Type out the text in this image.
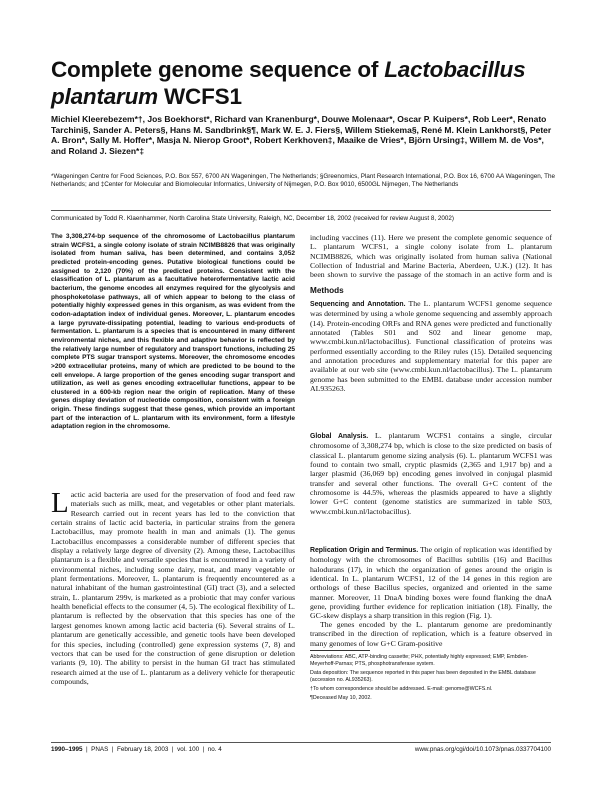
Complete genome sequence of Lactobacillus
plantarum WCFS1
Michiel Kleerebezem*†, Jos Boekhorst*, Richard van Kranenburg*, Douwe Molenaar*, Oscar P. Kuipers*, Rob Leer*, Renato Tarchini§, Sander A. Peters§, Hans M. Sandbrink§¶, Mark W. E. J. Fiers§, Willem Stiekema§, René M. Klein Lankhorst§, Peter A. Bron*, Sally M. Hoffer*, Masja N. Nierop Groot*, Robert Kerkhoven‡, Maaike de Vries*, Björn Ursing‡, Willem M. de Vos*, and Roland J. Siezen*‡
*Wageningen Centre for Food Sciences, P.O. Box 557, 6700 AN Wageningen, The Netherlands; §Greenomics, Plant Research International, P.O. Box 16, 6700 AA Wageningen, The Netherlands; and ‡Center for Molecular and Biomolecular Informatics, University of Nijmegen, P.O. Box 9010, 6500GL Nijmegen, The Netherlands
Communicated by Todd R. Klaenhammer, North Carolina State University, Raleigh, NC, December 18, 2002 (received for review August 8, 2002)
The 3,308,274-bp sequence of the chromosome of Lactobacillus plantarum strain WCFS1, a single colony isolate of strain NCIMB8826 that was originally isolated from human saliva, has been determined, and contains 3,052 predicted protein-encoding genes. Putative biological functions could be assigned to 2,120 (70%) of the predicted proteins. Consistent with the classification of L. plantarum as a facultative heterofermentative lactic acid bacterium, the genome encodes all enzymes required for the glycolysis and phosphoketolase pathways, all of which appear to belong to the class of potentially highly expressed genes in this organism, as was evident from the codon-adaptation index of individual genes. Moreover, L. plantarum encodes a large pyruvate-dissipating potential, leading to various end-products of fermentation. L. plantarum is a species that is encountered in many different environmental niches, and this flexible and adaptive behavior is reflected by the relatively large number of regulatory and transport functions, including 25 complete PTS sugar transport systems. Moreover, the chromosome encodes >200 extracellular proteins, many of which are predicted to be bound to the cell envelope. A large proportion of the genes encoding sugar transport and utilization, as well as genes encoding extracellular functions, appear to be clustered in a 600-kb region near the origin of replication. Many of these genes display deviation of nucleotide composition, consistent with a foreign origin. These findings suggest that these genes, which provide an important part of the interaction of L. plantarum with its environment, form a lifestyle adaptation region in the chromosome.
Lactic acid bacteria are used for the preservation of food and feed raw materials such as milk, meat, and vegetables or other plant materials. Research carried out in recent years has led to the conviction that certain strains of lactic acid bacteria, in particular strains from the genera Lactobacillus, may promote health in man and animals (1). The genus Lactobacillus encompasses a considerable number of different species that display a relatively large degree of diversity (2). Among these, Lactobacillus plantarum is a flexible and versatile species that is encountered in a variety of environmental niches, including some dairy, meat, and many vegetable or plant fermentations. Moreover, L. plantarum is frequently encountered as a natural inhabitant of the human gastrointestinal (GI) tract (3), and a selected strain, L. plantarum 299v, is marketed as a probiotic that may confer various health beneficial effects to the consumer (4, 5). The ecological flexibility of L. plantarum is reflected by the observation that this species has one of the largest genomes known among lactic acid bacteria (6). Several strains of L. plantarum are genetically accessible, and genetic tools have been developed for this species, including (controlled) gene expression systems (7, 8) and vectors that can be used for the construction of gene disruption or deletion variants (9, 10). The ability to persist in the human GI tract has stimulated research aimed at the use of L. plantarum as a delivery vehicle for therapeutic compounds,

including vaccines (11). Here we present the complete genomic sequence of L. plantarum WCFS1, a single colony isolate from L. plantarum NCIMB8826, which was originally isolated from human saliva (National Collection of Industrial and Marine Bacteria, Aberdeen, U.K.) (12). It has been shown to survive the passage of the stomach in an active form and is

Methods

Sequencing and Annotation. The L. plantarum WCFS1 genome sequence was determined by using a whole genome sequencing and assembly approach (14). Protein-encoding ORFs and RNA genes were predicted and functionally annotated (Tables S01 and S02 and linear genome map, www.cmbi.kun.nl/lactobacillus). Functional classification of proteins was performed essentially according to the Riley rules (15). Detailed sequencing and annotation procedures and supplementary material for this paper are available at our web site (www.cmbi.kun.nl/lactobacillus). The L. plantarum genome has been submitted to the EMBL database under accession number AL935263.

Global Analysis. L. plantarum WCFS1 contains a single, circular chromosome of 3,308,274 bp, which is close to the size predicted on basis of classical L. plantarum genome sizing analysis (6). L. plantarum WCFS1 was found to contain two small, cryptic plasmids (2,365 and 1,917 bp) and a larger plasmid (36,069 bp) encoding genes involved in conjugal plasmid transfer and several other functions. The overall G+C content of the chromosome is 44.5%, whereas the plasmids appeared to have a slightly lower G+C content (genome statistics are summarized in table S03, www.cmbi.kun.nl/lactobacillus).

Replication Origin and Terminus. The origin of replication was identified by homology with the chromosomes of Bacillus subtilis (16) and Bacillus halodurans (17), in which the organization of genes around the origin is identical. In L. plantarum WCFS1, 12 of the 14 genes in this region are orthologs of these Bacillus species, organized and oriented in the same manner. Moreover, 11 DnaA binding boxes were found flanking the dnaA gene, providing further evidence for replication initiation (18). Finally, the GC-skew displays a sharp transition in this region (Fig. 1).

The genes encoded by the L. plantarum genome are predominantly transcribed in the direction of replication, which is a feature observed in many genomes of low G+C Gram-positive

Abbreviations: ABC, ATP-binding cassette; PHX, potentially highly expressed; EMP, Embden-Meyerhoff-Parnas; PTS, phosphotransferase system.
Data deposition: The sequence reported in this paper has been deposited in the EMBL database (accession no. AL935263).
†To whom correspondence should be addressed. E-mail: genome@WCFS.nl.
¶Deceased May 10, 2002.
1990–1995  |  PNAS  |  February 18, 2003  |  vol. 100  |  no. 4	www.pnas.org/cgi/doi/10.1073/pnas.0337704100
